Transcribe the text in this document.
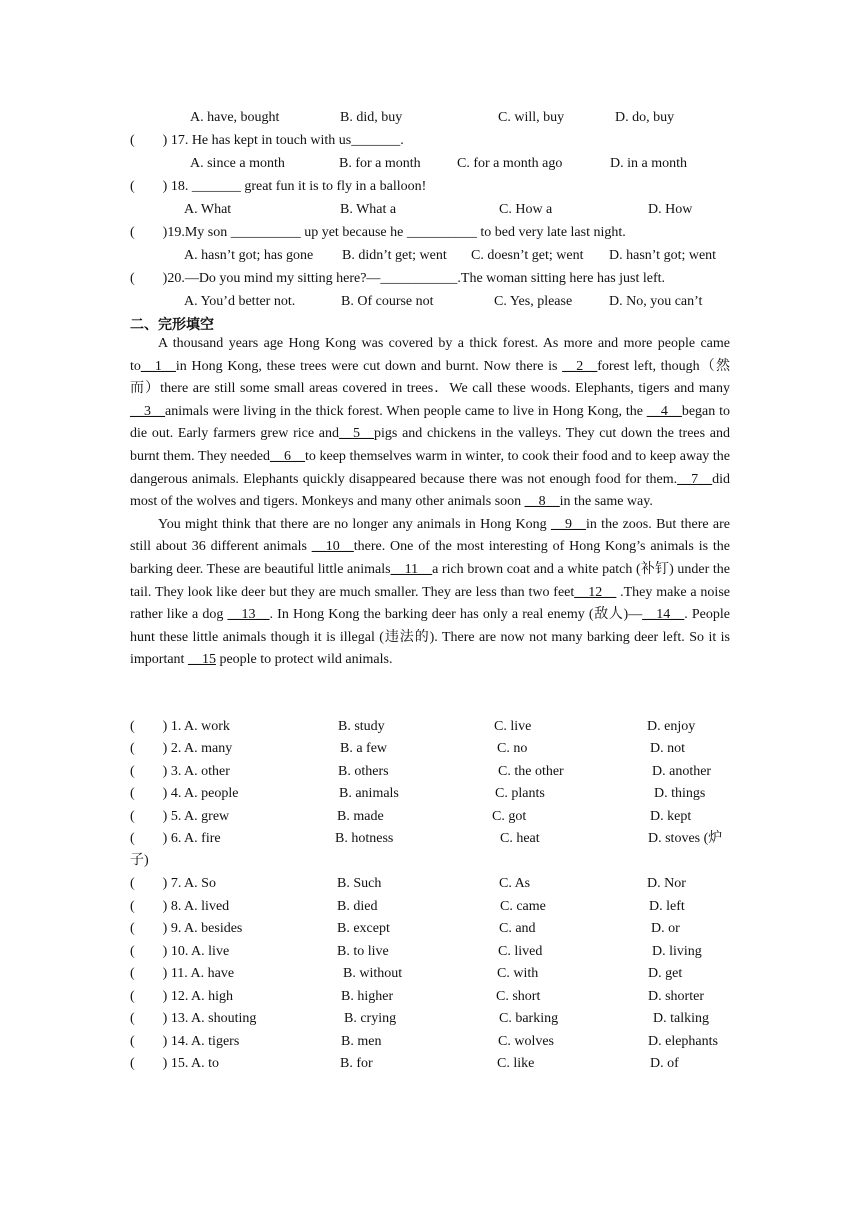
A. have, bought	B. did, buy	C. will, buy	D. do, buy
(　　) 17. He has kept in touch with us_______.
A. since a month	B. for a month	C. for a month ago	D. in a month
(　　) 18. _______ great fun it is to fly in a balloon!
A. What	B. What a	C. How a	D. How
(　　)19.My son __________ up yet because he __________ to bed very late last night.
A. hasn’t got; has gone B. didn’t get; went C. doesn’t get; went D. hasn’t got; went
(　　)20.—Do you mind my sitting here?—___________.The woman sitting here has just left.
A. You’d better not.	B. Of course not	C. Yes, please	D. No, you can’t
二、完形填空

A thousand years age Hong Kong was covered by a thick forest. As more and more people came to__1__in Hong Kong, these trees were cut down and burnt. Now there is __2__forest left, though（然而）there are still some small areas covered in trees．We call these woods. Elephants, tigers and many __3__animals were living in the thick forest. When people came to live in Hong Kong, the __4__began to die out. Early farmers grew rice and__5__pigs and chickens in the valleys. They cut down the trees and burnt them. They needed__6__to keep themselves warm in winter, to cook their food and to keep away the dangerous animals. Elephants quickly disappeared because there was not enough food for them.__7__did most of the wolves and tigers. Monkeys and many other animals soon __8__in the same way.

You might think that there are no longer any animals in Hong Kong __9__in the zoos. But there are still about 36 different animals __10__there. One of the most interesting of Hong Kong’s animals is the barking deer. These are beautiful little animals__11__a rich brown coat and a white patch (补钉) under the tail. They look like deer but they are much smaller. They are less than two feet__12__ .They make a noise rather like a dog __13__. In Hong Kong the barking deer has only a real enemy (敌人)—__14__. People hunt these little animals though it is illegal (违法的). There are now not many barking deer left. So it is important __15 people to protect wild animals.

(　　) 1. A. work	B. study	C. live	D. enjoy
(　　) 2. A. many	B. a few	C. no	D. not
(　　) 3. A. other	B. others	C. the other	D. another
(　　) 4. A. people	B. animals	C. plants	D. things
(　　) 5. A. grew	B. made	C. got	D. kept
(　　) 6. A. fire	B. hotness	C. heat	D. stoves (炉
(　　) 7. A. So	B. Such	C. As	D. Nor
(　　) 8. A. lived	B. died	C. came	D. left
(　　) 9. A. besides	B. except	C. and	D. or
(　　) 10. A. live	B. to live	C. lived	D. living
(　　) 11. A. have	B. without	C. with	D. get
(　　) 12. A. high	B. higher	C. short	D. shorter
(　　) 13. A. shouting	B. crying	C. barking	D. talking
(　　) 14. A. tigers	B. men	C. wolves	D. elephants
(　　) 15. A. to	B. for	C. like	D. of
子)
